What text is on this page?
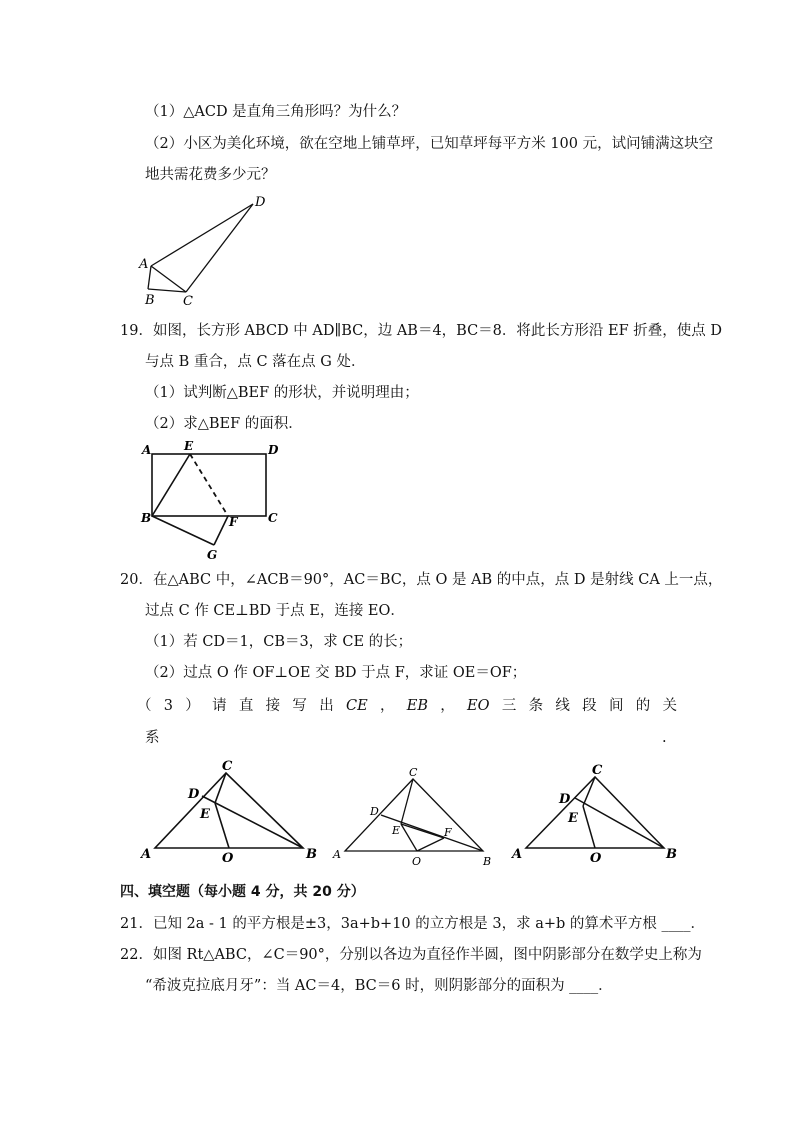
（1）△ACD 是直角三角形吗？为什么？
（2）小区为美化环境，欲在空地上铺草坪，已知草坪每平方米 100 元，试问铺满这块空
地共需花费多少元？
D
A
B C
19．如图，长方形 ABCD 中 AD∥BC，边 AB＝4，BC＝8．将此长方形沿 EF 折叠，使点 D
与点 B 重合，点 C 落在点 G 处．
（1）试判断△BEF 的形状，并说明理由；
（2）求△BEF 的面积．
A	E	D
B	F	C
G
20．在△ABC 中，∠ACB＝90°，AC＝BC，点 O 是 AB 的中点，点 D 是射线 CA 上一点，
过点 C 作 CE⊥BD 于点 E，连接 EO．
（1）若 CD＝1，CB＝3，求 CE 的长；
（2）过点 O 作 OF⊥OE 交 BD 于点 F，求证 OE＝OF；
（ 3 ） 请 直 接 写 出 CE ， EB ， EO 三 条 线 段 间 的 关
系	.
C
D
E
A	O	B
C
D
E	F
A
O	B
C
D
E
A	O	B
四、填空题（每小题 4 分，共 20 分）
21．已知 2a - 1 的平方根是±3，3a+b+10 的立方根是 3，求 a+b 的算术平方根 ____．
22．如图 Rt△ABC，∠C＝90°，分别以各边为直径作半圆，图中阴影部分在数学史上称为
“希波克拉底月牙”：当 AC＝4，BC＝6 时，则阴影部分的面积为 ____．
